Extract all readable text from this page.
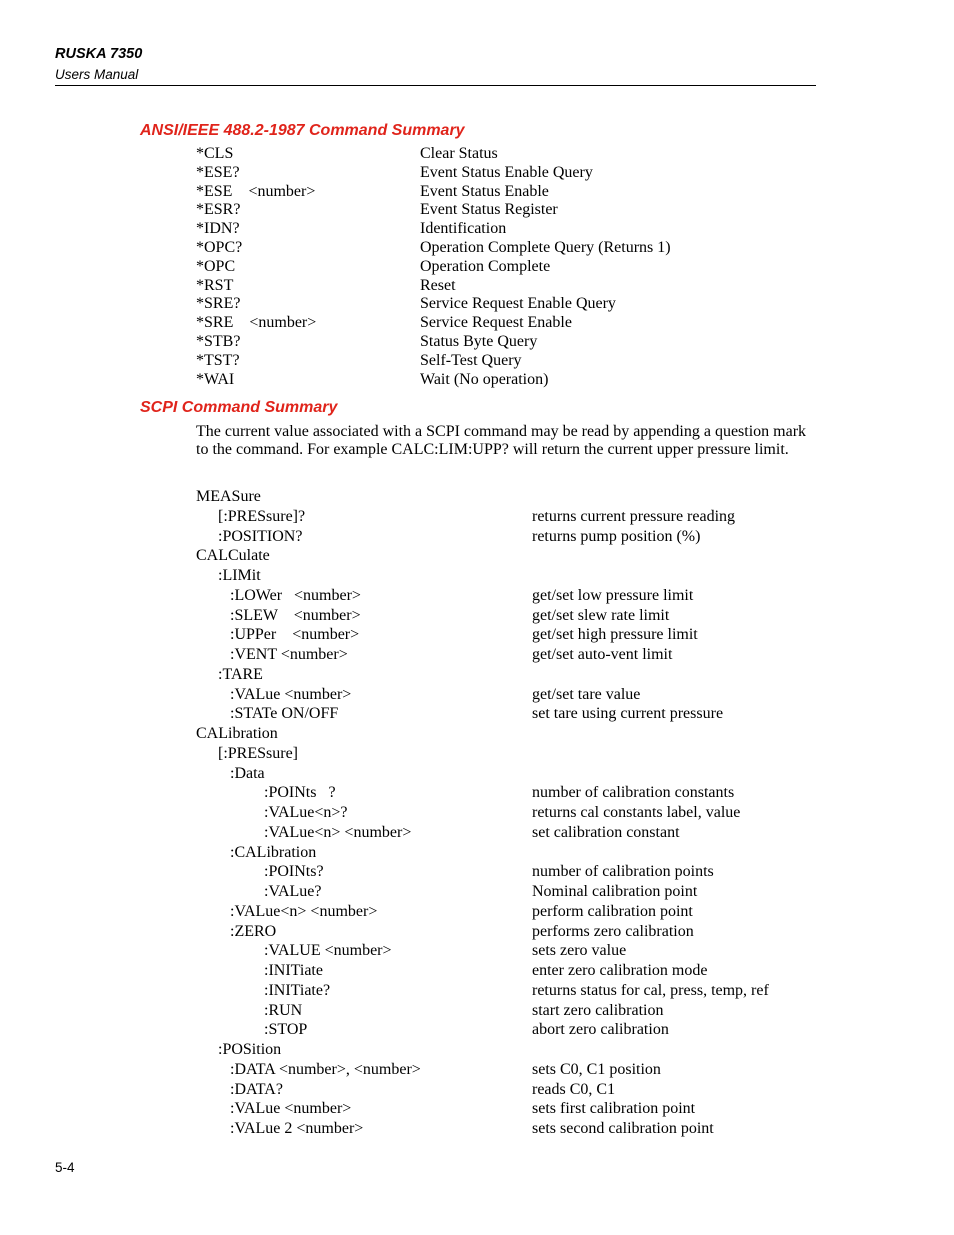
RUSKA 7350
Users Manual
ANSI/IEEE 488.2-1987 Command Summary
*CLS	Clear Status
*ESE?	Event Status Enable Query
*ESE    <number>	Event Status Enable
*ESR?	Event Status Register
*IDN?	Identification
*OPC?	Operation Complete Query (Returns 1)
*OPC	Operation Complete
*RST	Reset
*SRE?	Service Request Enable Query
*SRE    <number>	Service Request Enable
*STB?	Status Byte Query
*TST?	Self-Test Query
*WAI	Wait (No operation)
SCPI Command Summary
The current value associated with a SCPI command may be read by appending a question mark to the command. For example CALC:LIM:UPP? will return the current upper pressure limit.
MEASure
[:PRESsure]?	returns current pressure reading
:POSITION?	returns pump position (%)
CALCulate
:LIMit
:LOWer   <number>	get/set low pressure limit
:SLEW    <number>	get/set slew rate limit
:UPPer    <number>	get/set high pressure limit
:VENT <number>	get/set auto-vent limit
:TARE
:VALue <number>	get/set tare value
:STATe ON/OFF	set tare using current pressure
CALibration
[:PRESsure]
:Data
:POINts   ?	number of calibration constants
:VALue<n>?	returns cal constants label, value
:VALue<n> <number>	set calibration constant
:CALibration
:POINts?	number of calibration points
:VALue?	Nominal calibration point
:VALue<n> <number>	perform calibration point
:ZERO	performs zero calibration
:VALUE <number>	sets zero value
:INITiate	enter zero calibration mode
:INITiate?	returns status for cal, press, temp, ref
:RUN	start zero calibration
:STOP	abort zero calibration
:POSition
:DATA <number>, <number>	sets C0, C1 position
:DATA?	reads C0, C1
:VALue <number>	sets first calibration point
:VALue 2 <number>	sets second calibration point
5-4
